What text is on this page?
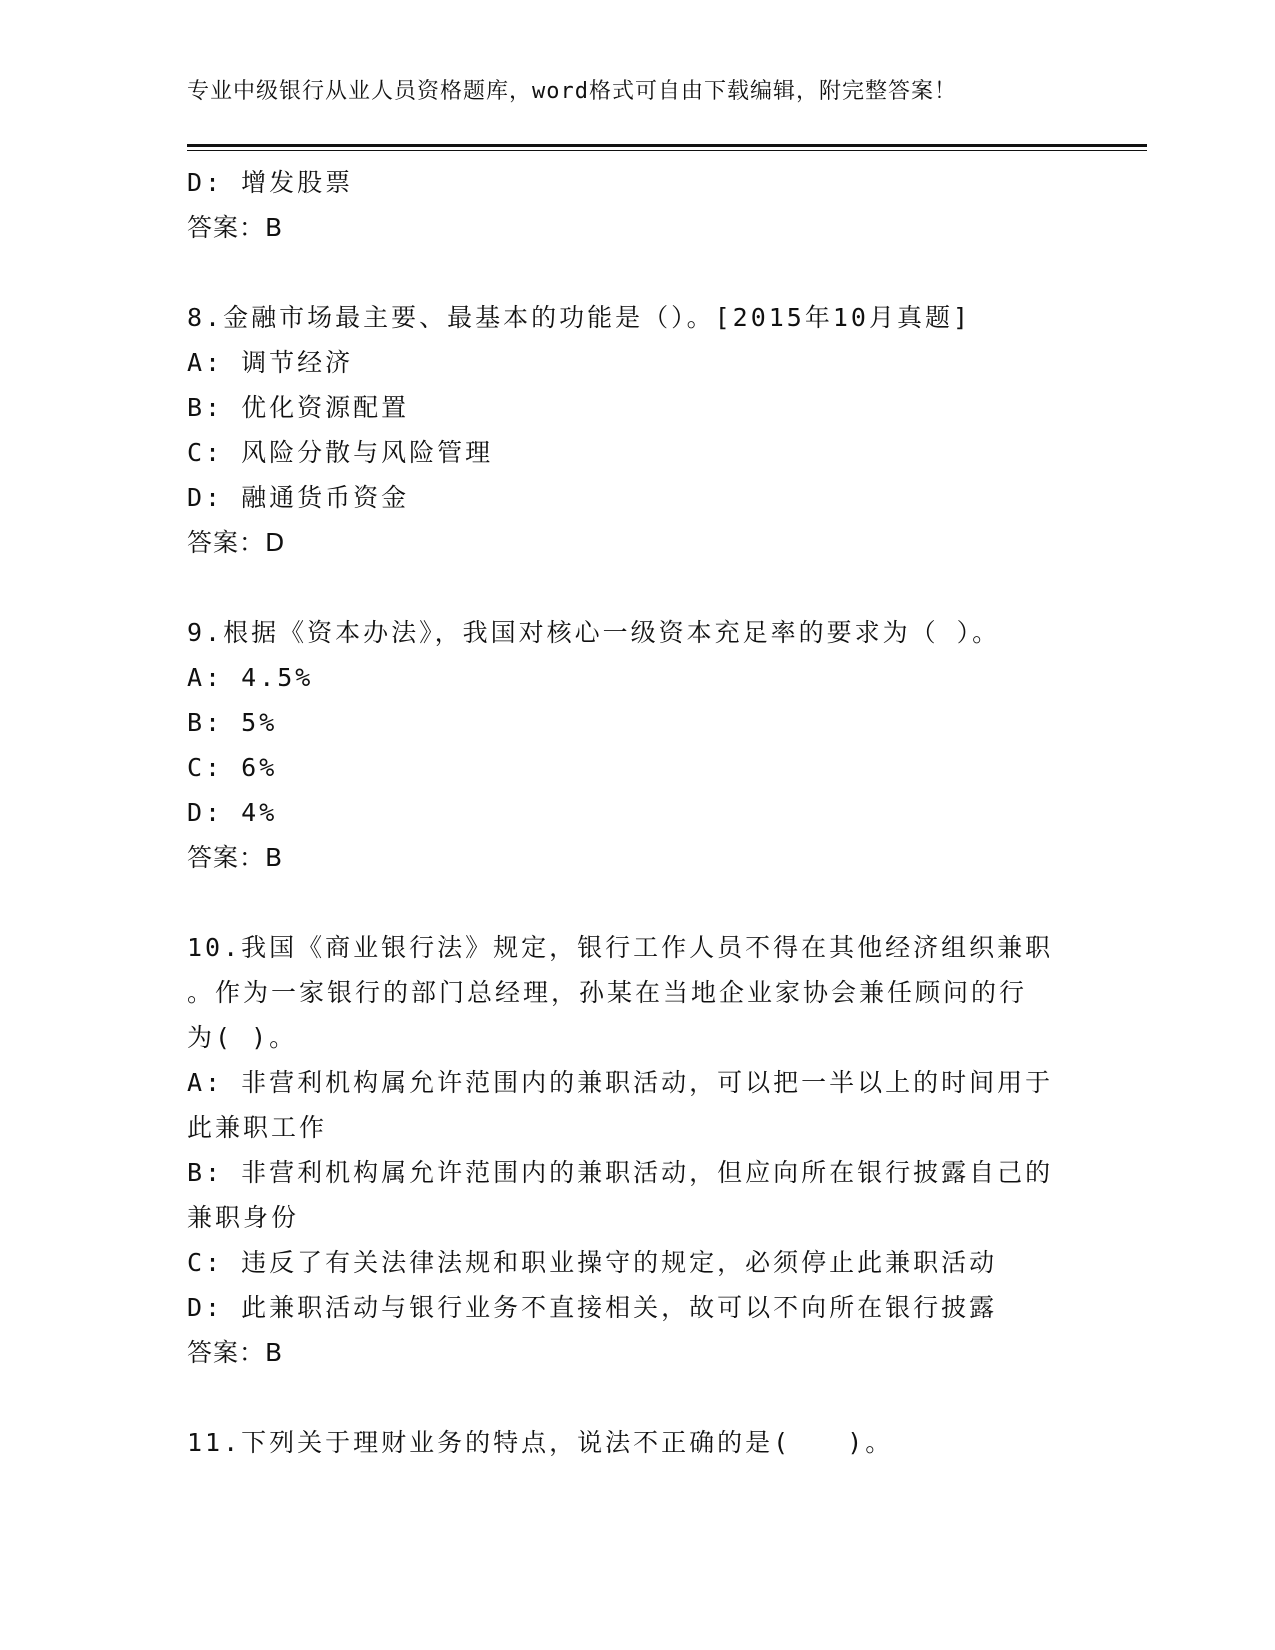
专业中级银行从业人员资格题库，word格式可自由下载编辑，附完整答案！
D: 增发股票
答案：B
8.金融市场最主要、最基本的功能是（）。[2015年10月真题]
A: 调节经济
B: 优化资源配置
C: 风险分散与风险管理
D: 融通货币资金
答案：D
9.根据《资本办法》，我国对核心一级资本充足率的要求为（ ）。
A: 4.5%
B: 5%
C: 6%
D: 4%
答案：B
10.我国《商业银行法》规定，银行工作人员不得在其他经济组织兼职
。作为一家银行的部门总经理，孙某在当地企业家协会兼任顾问的行
为( )。
A: 非营利机构属允许范围内的兼职活动，可以把一半以上的时间用于
此兼职工作
B: 非营利机构属允许范围内的兼职活动，但应向所在银行披露自己的
兼职身份
C: 违反了有关法律法规和职业操守的规定，必须停止此兼职活动
D: 此兼职活动与银行业务不直接相关，故可以不向所在银行披露
答案：B
11.下列关于理财业务的特点，说法不正确的是(　　)。
